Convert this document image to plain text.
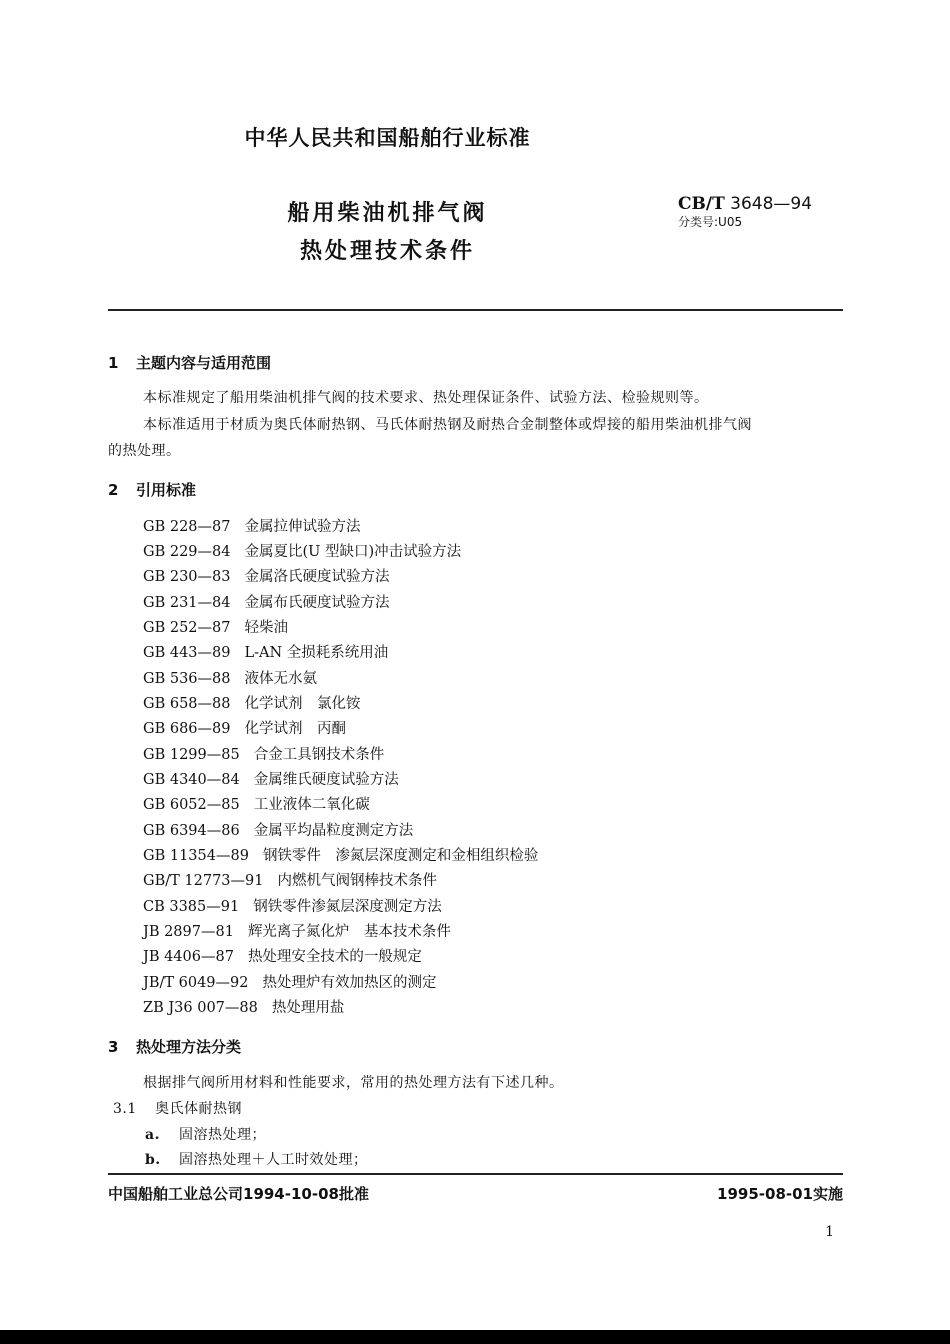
中华人民共和国船舶行业标准
船用柴油机排气阀
热处理技术条件
CB/T 3648—94
分类号:U05
1 主题内容与适用范围
本标准规定了船用柴油机排气阀的技术要求、热处理保证条件、试验方法、检验规则等。
本标准适用于材质为奥氏体耐热钢、马氏体耐热钢及耐热合金制整体或焊接的船用柴油机排气阀
的热处理。
2 引用标准
GB 228—87 金属拉伸试验方法
GB 229—84 金属夏比(U 型缺口)冲击试验方法
GB 230—83 金属洛氏硬度试验方法
GB 231—84 金属布氏硬度试验方法
GB 252—87 轻柴油
GB 443—89 L-AN 全损耗系统用油
GB 536—88 液体无水氨
GB 658—88 化学试剂　氯化铵
GB 686—89 化学试剂　丙酮
GB 1299—85 合金工具钢技术条件
GB 4340—84 金属维氏硬度试验方法
GB 6052—85 工业液体二氧化碳
GB 6394—86 金属平均晶粒度测定方法
GB 11354—89 钢铁零件　渗氮层深度测定和金相组织检验
GB/T 12773—91 内燃机气阀钢棒技术条件
CB 3385—91 钢铁零件渗氮层深度测定方法
JB 2897—81 辉光离子氮化炉　基本技术条件
JB 4406—87 热处理安全技术的一般规定
JB/T 6049—92 热处理炉有效加热区的测定
ZB J36 007—88 热处理用盐
3 热处理方法分类
根据排气阀所用材料和性能要求，常用的热处理方法有下述几种。
3.1 奥氏体耐热钢
a. 固溶热处理；
b. 固溶热处理＋人工时效处理；
中国船舶工业总公司1994-10-08批准	1995-08-01实施
1
